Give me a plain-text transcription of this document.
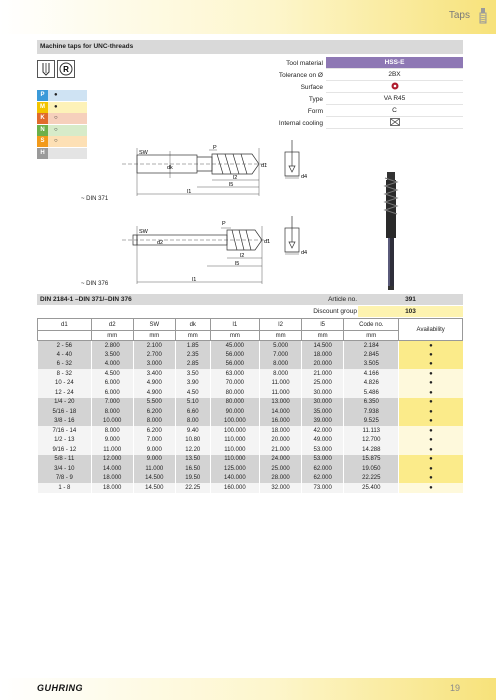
Taps
Machine taps for UNC-threads
R
P	●
M	●
K	○
N	○
S	○
H
Tool material	HSS-E
Tolerance on Ø	2BX
Surface
Type	VA R45
Form	C
Internal cooling
SW
P
dk	d1
l2
l5
l1
d4
SW
P
d2	d1
l2
l5
l1
d4
~ DIN 371
~ DIN 376
DIN 2184-1 –DIN 371/–DIN 376	Article no.	391
Discount group	103
d1	d2	SW	dk	l1	l2	l5	Code no.	Availability
	mm	mm	mm	mm	mm	mm	mm	
2 - 56	2.800	2.100	1.85	45.000	5.000	14.500	2.184	●
4 - 40	3.500	2.700	2.35	56.000	7.000	18.000	2.845	●
6 - 32	4.000	3.000	2.85	56.000	8.000	20.000	3.505	●
8 - 32	4.500	3.400	3.50	63.000	8.000	21.000	4.166	●
10 - 24	6.000	4.900	3.90	70.000	11.000	25.000	4.826	●
12 - 24	6.000	4.900	4.50	80.000	11.000	30.000	5.486	●
1/4 - 20	7.000	5.500	5.10	80.000	13.000	30.000	6.350	●
5/16 - 18	8.000	6.200	6.60	90.000	14.000	35.000	7.938	●
3/8 - 16	10.000	8.000	8.00	100.000	16.000	39.000	9.525	●
7/16 - 14	8.000	6.200	9.40	100.000	18.000	42.000	11.113	●
1/2 - 13	9.000	7.000	10.80	110.000	20.000	49.000	12.700	●
9/16 - 12	11.000	9.000	12.20	110.000	21.000	53.000	14.288	●
5/8 - 11	12.000	9.000	13.50	110.000	24.000	53.000	15.875	●
3/4 - 10	14.000	11.000	16.50	125.000	25.000	62.000	19.050	●
7/8 - 9	18.000	14.500	19.50	140.000	28.000	62.000	22.225	●
1 - 8	18.000	14.500	22.25	160.000	32.000	73.000	25.400	●
GUHRING	19
